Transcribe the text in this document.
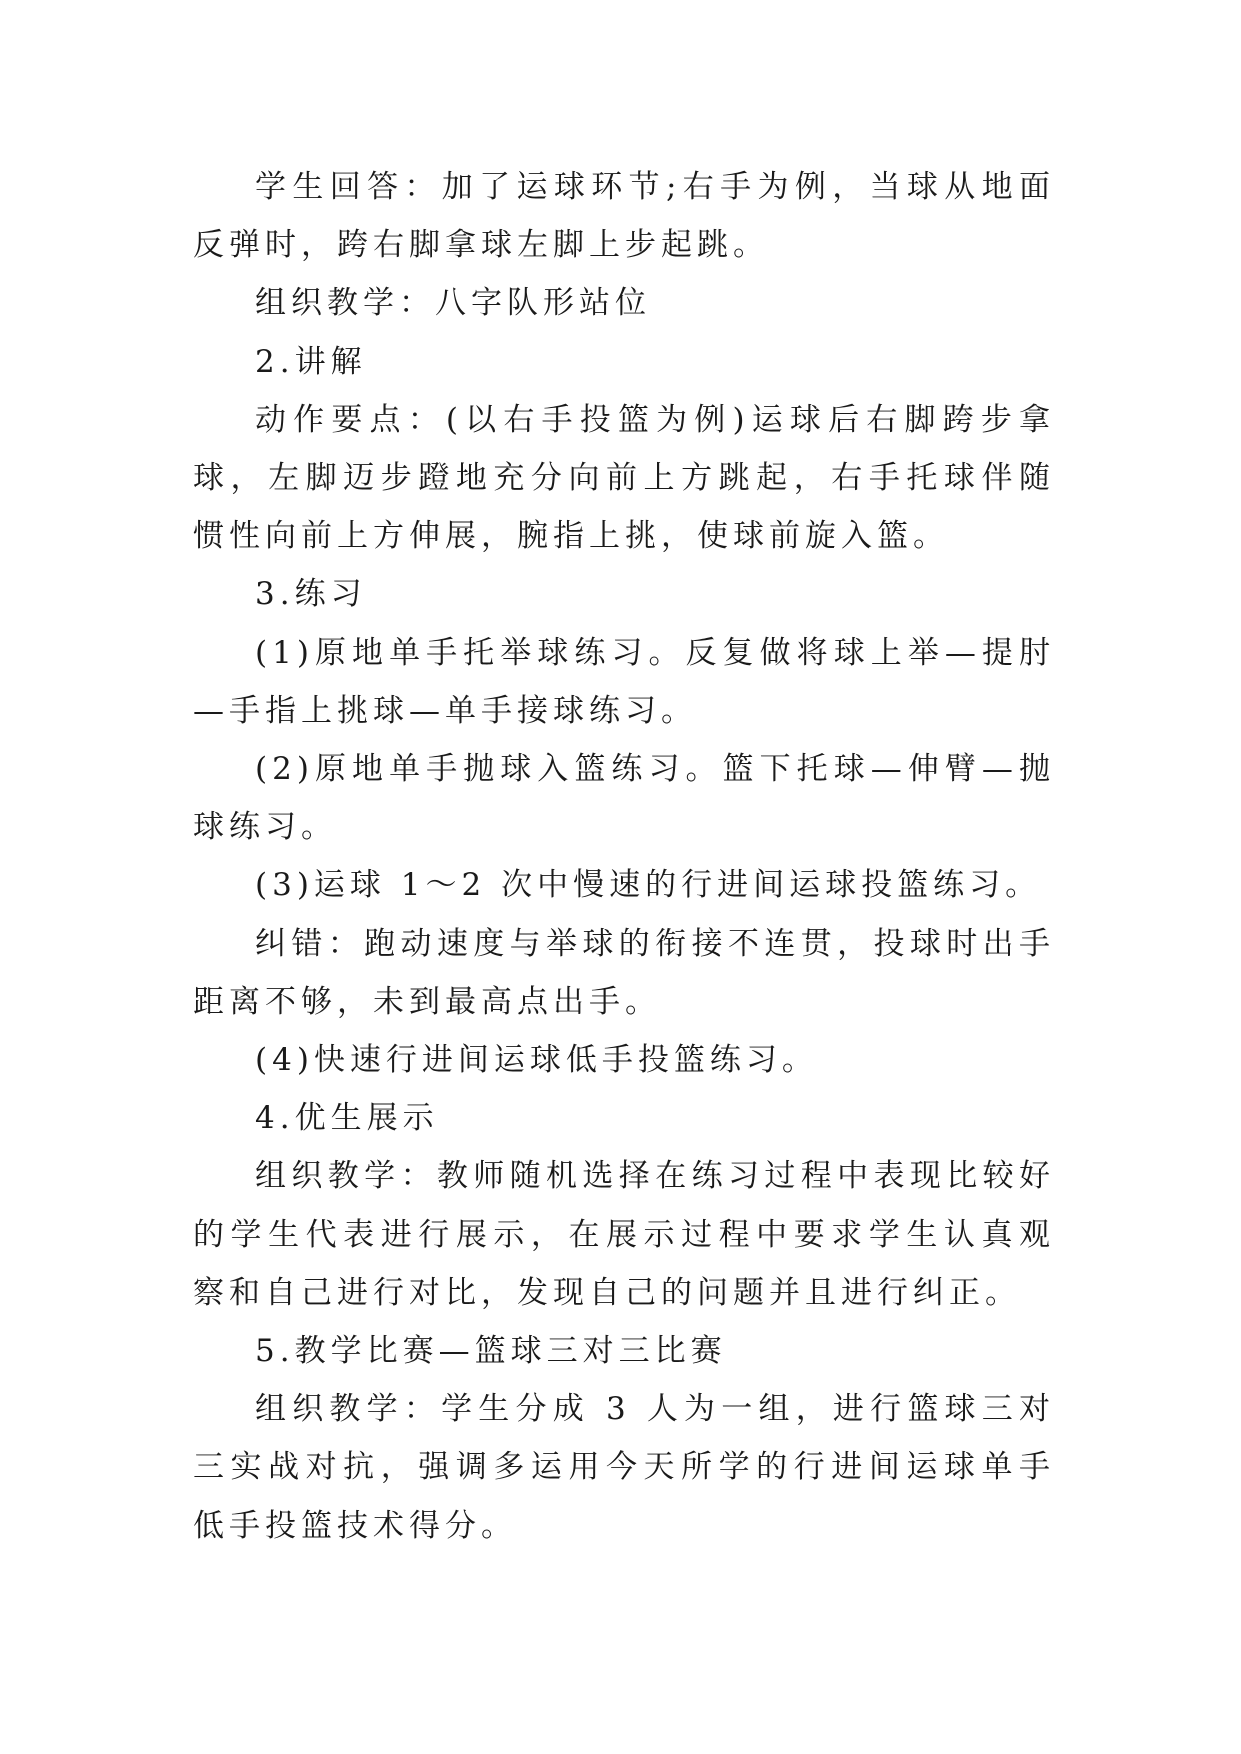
学生回答：加了运球环节;右手为例，当球从地面反弹时，跨右脚拿球左脚上步起跳。

组织教学：八字队形站位

2.讲解

动作要点：(以右手投篮为例)运球后右脚跨步拿球，左脚迈步蹬地充分向前上方跳起，右手托球伴随惯性向前上方伸展，腕指上挑，使球前旋入篮。

3.练习

(1)原地单手托举球练习。反复做将球上举—提肘—手指上挑球—单手接球练习。

(2)原地单手抛球入篮练习。篮下托球—伸臂—抛球练习。

(3)运球 1～2 次中慢速的行进间运球投篮练习。

纠错：跑动速度与举球的衔接不连贯，投球时出手距离不够，未到最高点出手。

(4)快速行进间运球低手投篮练习。

4.优生展示

组织教学：教师随机选择在练习过程中表现比较好的学生代表进行展示，在展示过程中要求学生认真观察和自己进行对比，发现自己的问题并且进行纠正。

5.教学比赛—篮球三对三比赛

组织教学：学生分成 3 人为一组，进行篮球三对三实战对抗，强调多运用今天所学的行进间运球单手低手投篮技术得分。
